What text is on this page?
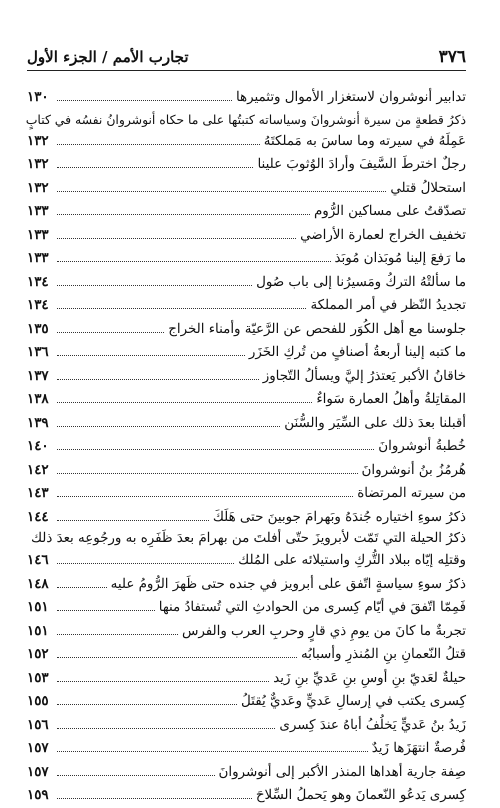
٣٧٦
تجارب الأمم / الجزء الأول
تدابير أنوشروان لاستغزار الأموال وتثميرها
١٣٠
ذكرُ قطعةٍ من سيرة أنوشروانَ وسياساته كتبتُها على ما حكاه أنوشروانُ نفسُه في كتابٍ
عَمِلَهُ في سيرته وما ساسَ به مَملكتَهُ
١٣٢
رجلٌ اخترطَ السَّيفَ وأرادَ الوُثوبَ علينا
١٣٢
استحلالُ قتلي
١٣٢
تصدّقتُ على مساكين الرُّوم
١٣٣
تخفيف الخراج لعمارة الأراضي
١٣٣
ما رَفعَ إلينا مُوبَذان مُوبَذ
١٣٣
ما سألتْهُ التركُ ومَسيرُنا إلى باب صُول
١٣٤
تجديدُ النّظر في أمر المملكة
١٣٤
جلوسنا مع أهل الكُوَر للفحص عن الرَّعيّة وأمناء الخراج
١٣٥
ما كتبه إلينا أربعةُ أصنافٍ من تُركِ الخَزَر
١٣٦
خاقانُ الأكبر يَعتذرُ إليَّ ويسألُ التّجاوز
١٣٧
المقاتِلةُ وأهلُ العمارة سَواءٌ
١٣٨
أقبلنا بعدَ ذلك على السِّيَر والسُّنَن
١٣٩
خُطبةُ أنوشروانَ
١٤٠
هُرمُزُ بنُ أنوشروانَ
١٤٢
من سيرته المرتضاة
١٤٣
ذكرُ سوءِ اختياره جُندَهُ وبَهرامَ جوبينَ حتى هَلَكَ
١٤٤
ذكرُ الحيلة التي تَمّت لأبرويزَ حتّى أفلتَ من بهرامَ بعدَ ظَفَرِه به ورجُوعِه بعدَ ذلك
وقتلِه إيّاه ببلاد التُّركِ واستيلائه على المُلك
١٤٦
ذكرُ سوءِ سياسةٍ اتّفق على أبرويز في جنده حتى ظَهرَ الرُّومُ عليه
١٤٨
فَمِمّا اتّفقَ في أيّام كِسرى من الحوادثِ التي تُستفادُ منها
١٥١
تجربةٌ ما كانَ من يومِ ذي قارٍ وحربِ العرب والفرس
١٥١
قتلُ النّعمانِ بنِ المُنذرِ وأسبابُه
١٥٢
حيلةٌ لعَديّ بنِ أوسِ بنِ عَديِّ بنِ زَيد
١٥٣
كِسرى يكتب في إرسالِ عَديٍّ وعَديٌّ يُقتَلُ
١٥٥
زَيدُ بنُ عَديٍّ يَخلُفُ أباهُ عندَ كِسرى
١٥٦
فُرصةٌ انتهَزَها زَيدٌ
١٥٧
صِفة جارية أهداها المنذر الأكبر إلى أنوشروانَ
١٥٧
كِسرى يَدعُو النّعمانَ وهو يَحملُ السِّلاحَ
١٥٩
